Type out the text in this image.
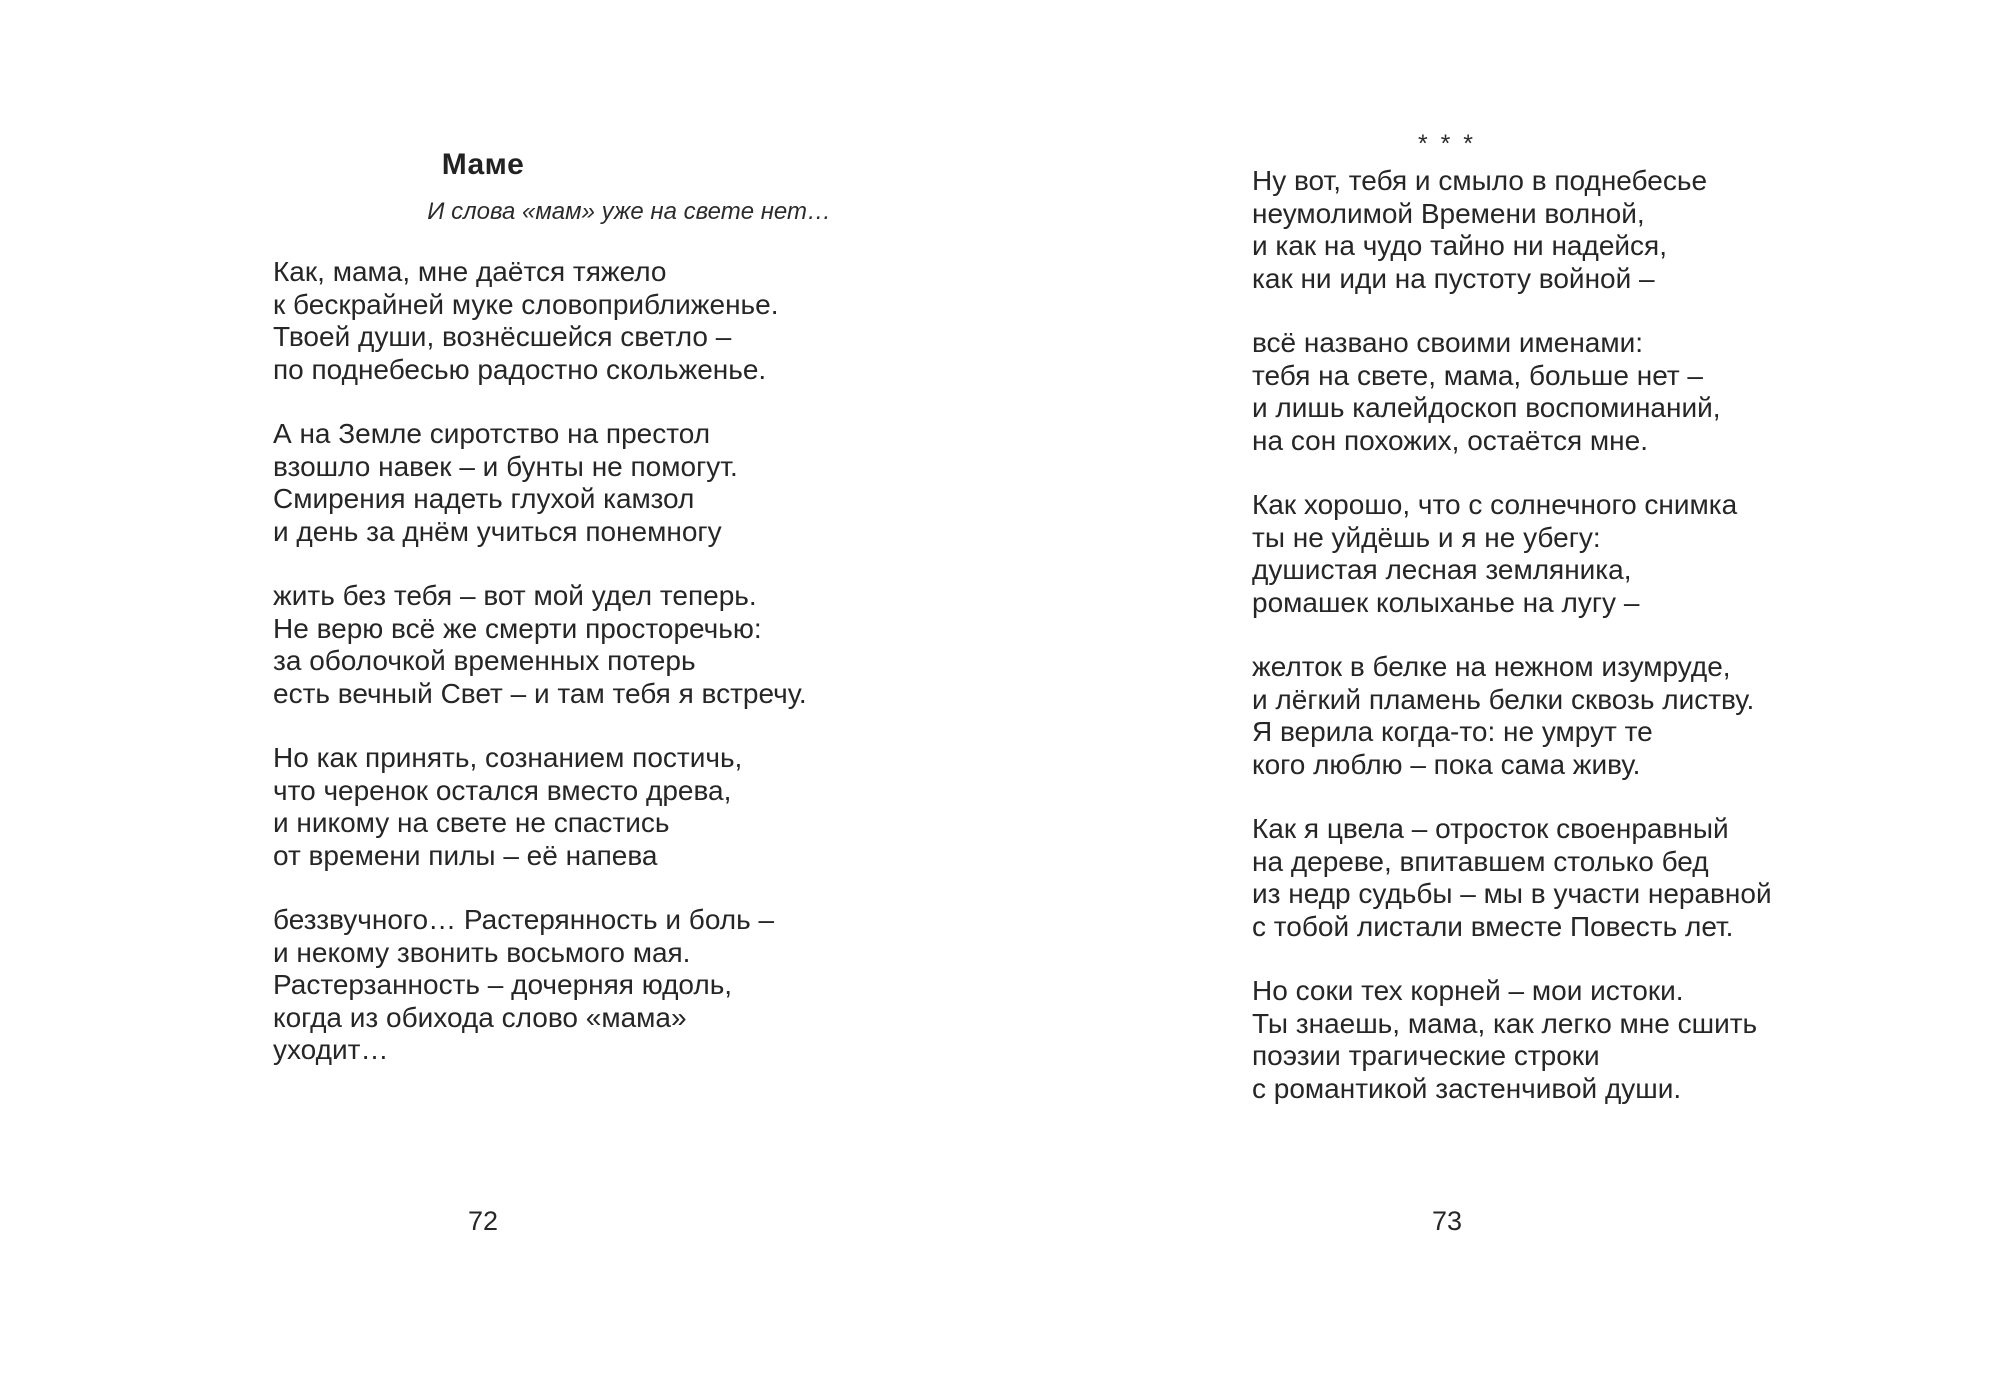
Маме
И слова «мам» уже на свете нет…
Как, мама, мне даётся тяжело
к бескрайней муке словоприближенье.
Твоей души, вознёсшейся светло –
по поднебесью радостно скольженье.
А на Земле сиротство на престол
взошло навек – и бунты не помогут.
Смирения надеть глухой камзол
и день за днём учиться понемногу
жить без тебя – вот мой удел теперь.
Не верю всё же смерти просторечью:
за оболочкой временных потерь
есть вечный Свет – и там тебя я встречу.
Но как принять, сознанием постичь,
что черенок остался вместо древа,
и никому на свете не спастись
от времени пилы – её напева
беззвучного… Растерянность и боль –
и некому звонить восьмого мая.
Растерзанность – дочерняя юдоль,
когда из обихода слово «мама»
уходит…
72
* * *
Ну вот, тебя и смыло в поднебесье
неумолимой Времени волной,
и как на чудо тайно ни надейся,
как ни иди на пустоту войной –
всё названо своими именами:
тебя на свете, мама, больше нет –
и лишь калейдоскоп воспоминаний,
на сон похожих, остаётся мне.
Как хорошо, что с солнечного снимка
ты не уйдёшь и я не убегу:
душистая лесная земляника,
ромашек колыханье на лугу –
желток в белке на нежном изумруде,
и лёгкий пламень белки сквозь листву.
Я верила когда-то: не умрут те
кого люблю – пока сама живу.
Как я цвела – отросток своенравный
на дереве, впитавшем столько бед
из недр судьбы – мы в участи неравной
с тобой листали вместе Повесть лет.
Но соки тех корней – мои истоки.
Ты знаешь, мама, как легко мне сшить
поэзии трагические строки
с романтикой застенчивой души.
73
